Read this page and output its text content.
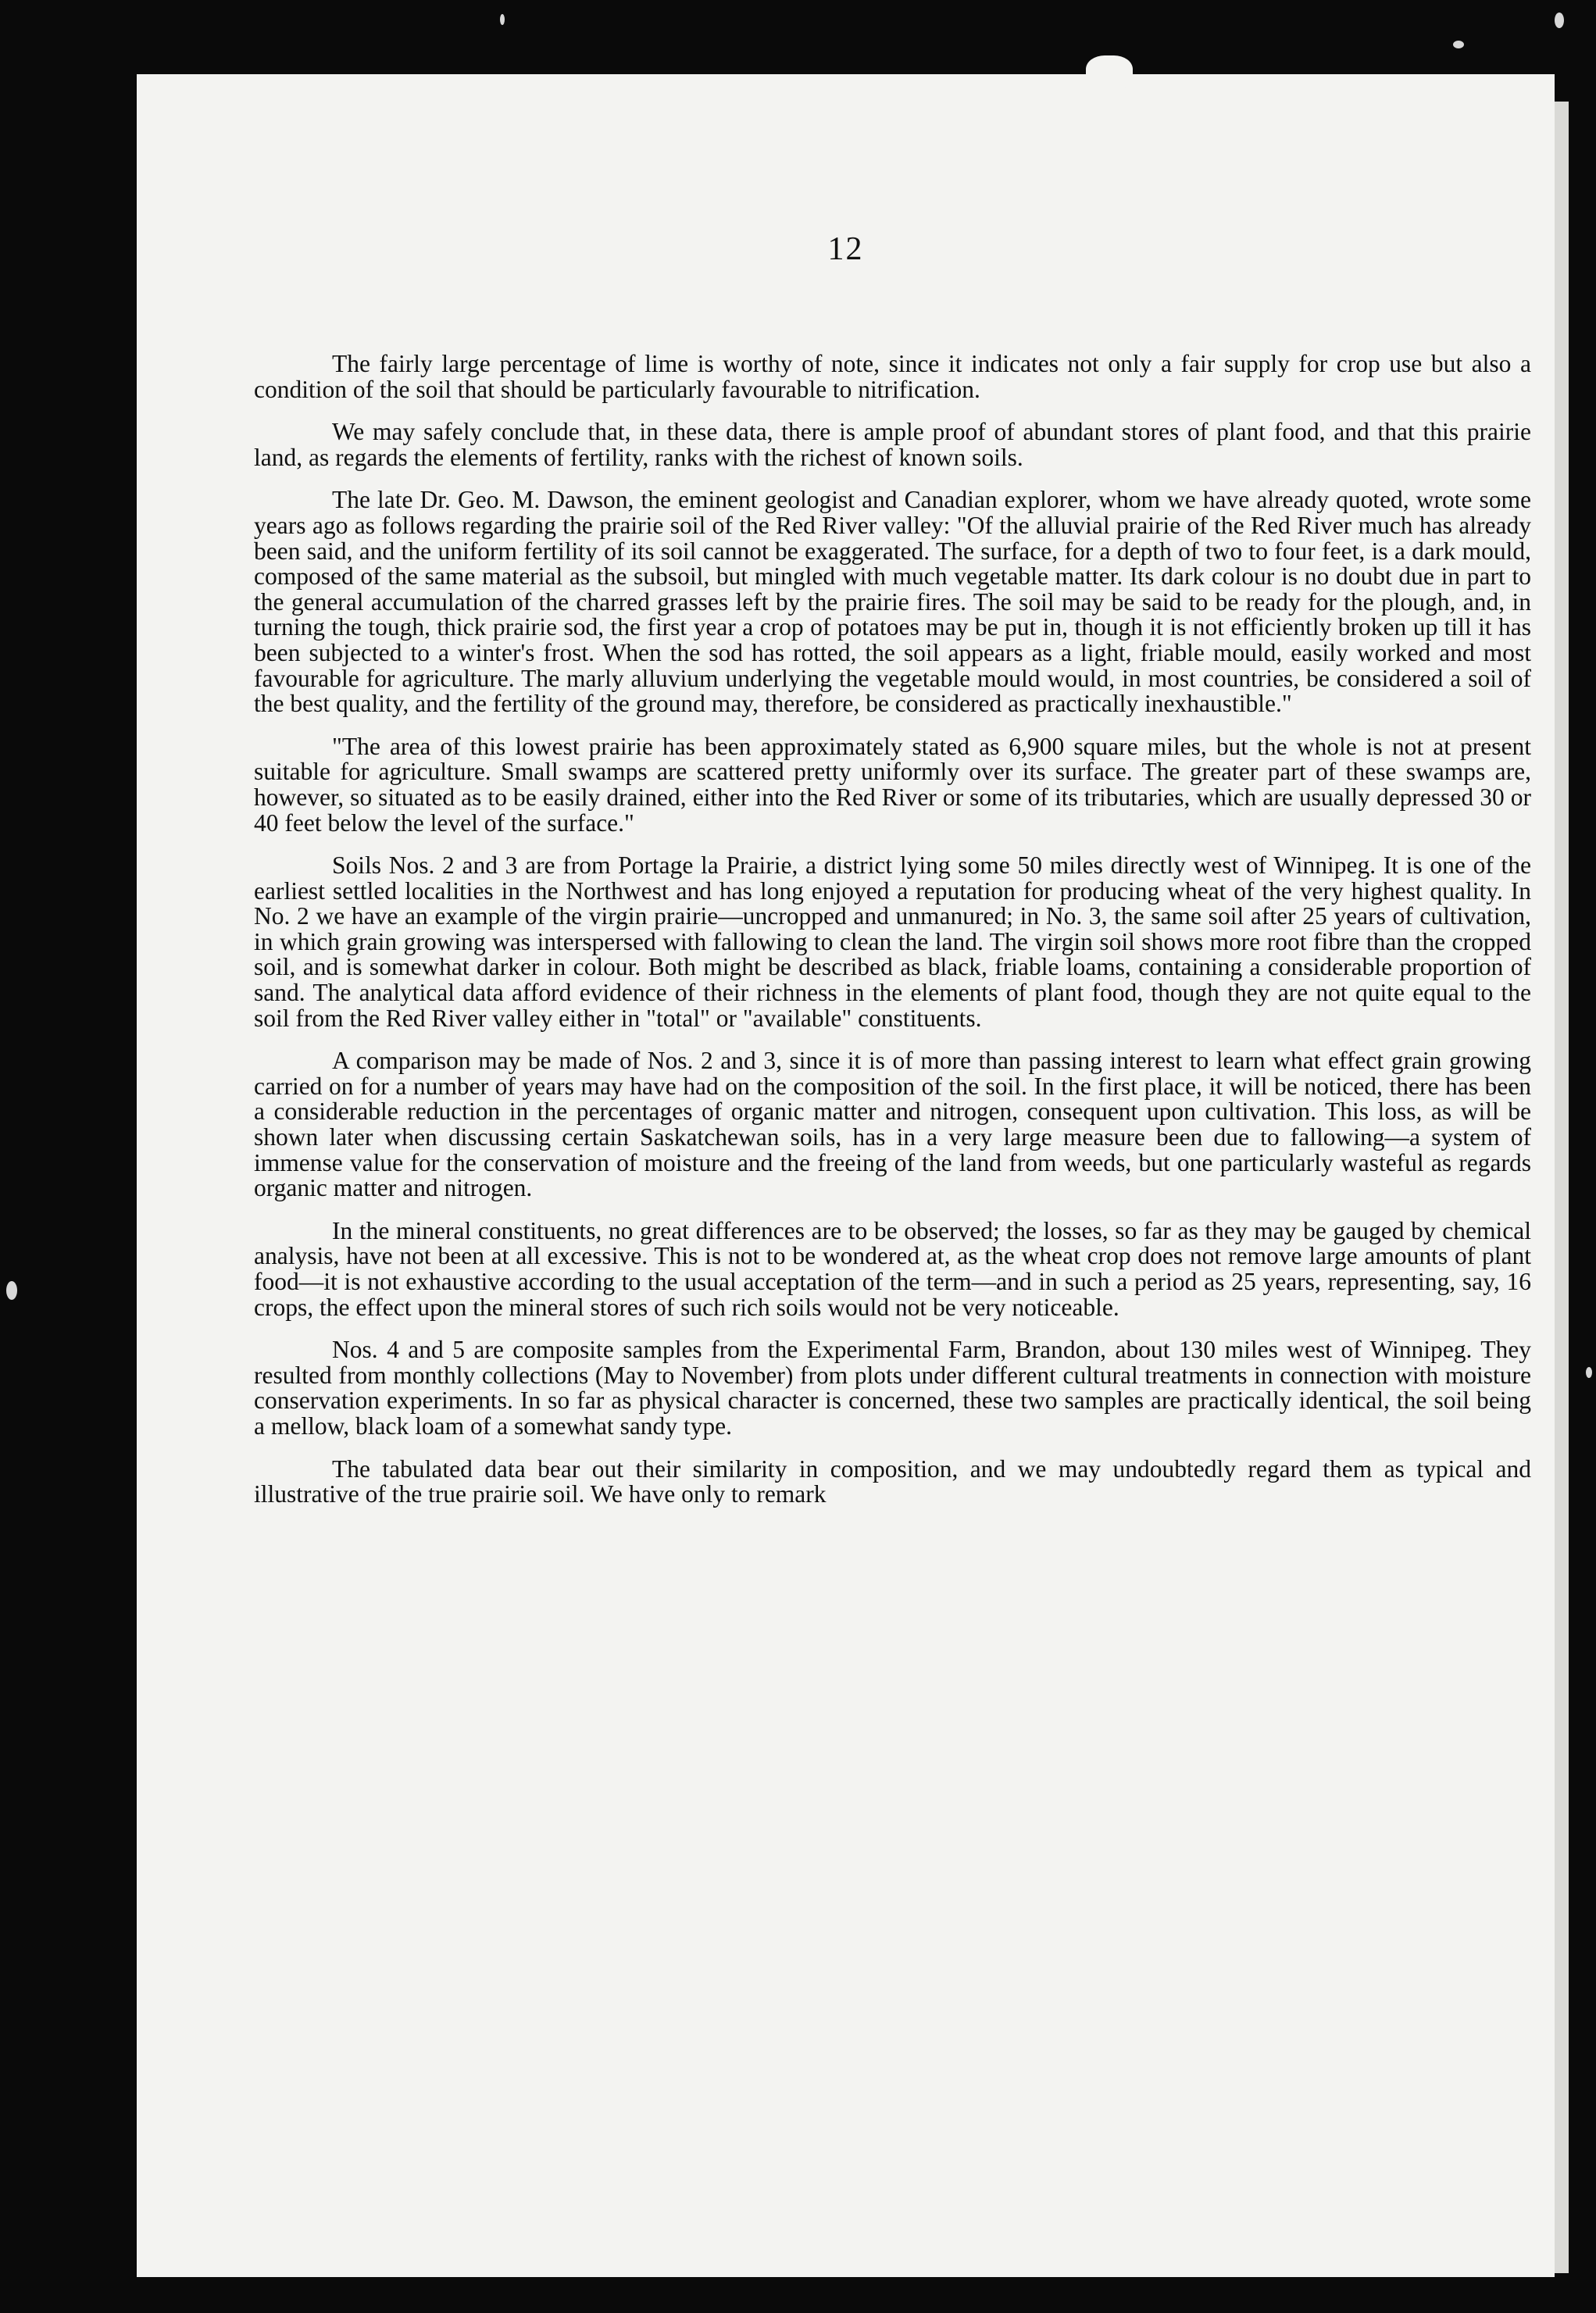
12

The fairly large percentage of lime is worthy of note, since it indicates not only a fair supply for crop use but also a condition of the soil that should be particularly favourable to nitrification.

We may safely conclude that, in these data, there is ample proof of abundant stores of plant food, and that this prairie land, as regards the elements of fertility, ranks with the richest of known soils.

The late Dr. Geo. M. Dawson, the eminent geologist and Canadian explorer, whom we have already quoted, wrote some years ago as follows regarding the prairie soil of the Red River valley: "Of the alluvial prairie of the Red River much has already been said, and the uniform fertility of its soil cannot be exaggerated. The surface, for a depth of two to four feet, is a dark mould, composed of the same material as the subsoil, but mingled with much vegetable matter. Its dark colour is no doubt due in part to the general accumulation of the charred grasses left by the prairie fires. The soil may be said to be ready for the plough, and, in turning the tough, thick prairie sod, the first year a crop of potatoes may be put in, though it is not efficiently broken up till it has been subjected to a winter's frost. When the sod has rotted, the soil appears as a light, friable mould, easily worked and most favourable for agriculture. The marly alluvium underlying the vegetable mould would, in most countries, be considered a soil of the best quality, and the fertility of the ground may, therefore, be considered as practically inexhaustible."

"The area of this lowest prairie has been approximately stated as 6,900 square miles, but the whole is not at present suitable for agriculture. Small swamps are scattered pretty uniformly over its surface. The greater part of these swamps are, however, so situated as to be easily drained, either into the Red River or some of its tributaries, which are usually depressed 30 or 40 feet below the level of the surface."

Soils Nos. 2 and 3 are from Portage la Prairie, a district lying some 50 miles directly west of Winnipeg. It is one of the earliest settled localities in the Northwest and has long enjoyed a reputation for producing wheat of the very highest quality. In No. 2 we have an example of the virgin prairie—uncropped and unmanured; in No. 3, the same soil after 25 years of cultivation, in which grain growing was interspersed with fallowing to clean the land. The virgin soil shows more root fibre than the cropped soil, and is somewhat darker in colour. Both might be described as black, friable loams, containing a considerable proportion of sand. The analytical data afford evidence of their richness in the elements of plant food, though they are not quite equal to the soil from the Red River valley either in "total" or "available" constituents.

A comparison may be made of Nos. 2 and 3, since it is of more than passing interest to learn what effect grain growing carried on for a number of years may have had on the composition of the soil. In the first place, it will be noticed, there has been a considerable reduction in the percentages of organic matter and nitrogen, consequent upon cultivation. This loss, as will be shown later when discussing certain Saskatchewan soils, has in a very large measure been due to fallowing—a system of immense value for the conservation of moisture and the freeing of the land from weeds, but one particularly wasteful as regards organic matter and nitrogen.

In the mineral constituents, no great differences are to be observed; the losses, so far as they may be gauged by chemical analysis, have not been at all excessive. This is not to be wondered at, as the wheat crop does not remove large amounts of plant food—it is not exhaustive according to the usual acceptation of the term—and in such a period as 25 years, representing, say, 16 crops, the effect upon the mineral stores of such rich soils would not be very noticeable.

Nos. 4 and 5 are composite samples from the Experimental Farm, Brandon, about 130 miles west of Winnipeg. They resulted from monthly collections (May to November) from plots under different cultural treatments in connection with moisture conservation experiments. In so far as physical character is concerned, these two samples are practically identical, the soil being a mellow, black loam of a somewhat sandy type.

The tabulated data bear out their similarity in composition, and we may undoubtedly regard them as typical and illustrative of the true prairie soil. We have only to remark
